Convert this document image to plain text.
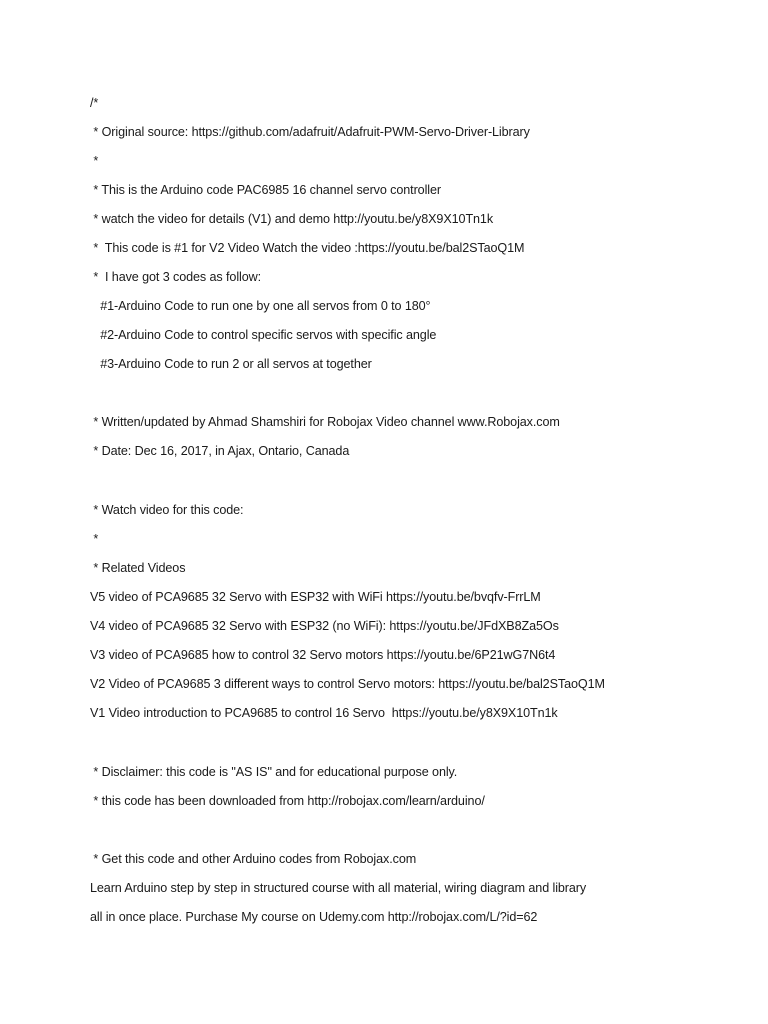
/*
* Original source: https://github.com/adafruit/Adafruit-PWM-Servo-Driver-Library
*
* This is the Arduino code PAC6985 16 channel servo controller
* watch the video for details (V1) and demo http://youtu.be/y8X9X10Tn1k
*  This code is #1 for V2 Video Watch the video :https://youtu.be/bal2STaoQ1M
*  I have got 3 codes as follow:
#1-Arduino Code to run one by one all servos from 0 to 180°
#2-Arduino Code to control specific servos with specific angle
#3-Arduino Code to run 2 or all servos at together
* Written/updated by Ahmad Shamshiri for Robojax Video channel www.Robojax.com
* Date: Dec 16, 2017, in Ajax, Ontario, Canada
* Watch video for this code:
*
* Related Videos
V5 video of PCA9685 32 Servo with ESP32 with WiFi https://youtu.be/bvqfv-FrrLM
V4 video of PCA9685 32 Servo with ESP32 (no WiFi): https://youtu.be/JFdXB8Za5Os
V3 video of PCA9685 how to control 32 Servo motors https://youtu.be/6P21wG7N6t4
V2 Video of PCA9685 3 different ways to control Servo motors: https://youtu.be/bal2STaoQ1M
V1 Video introduction to PCA9685 to control 16 Servo  https://youtu.be/y8X9X10Tn1k
* Disclaimer: this code is "AS IS" and for educational purpose only.
* this code has been downloaded from http://robojax.com/learn/arduino/
* Get this code and other Arduino codes from Robojax.com
Learn Arduino step by step in structured course with all material, wiring diagram and library
all in once place. Purchase My course on Udemy.com http://robojax.com/L/?id=62
